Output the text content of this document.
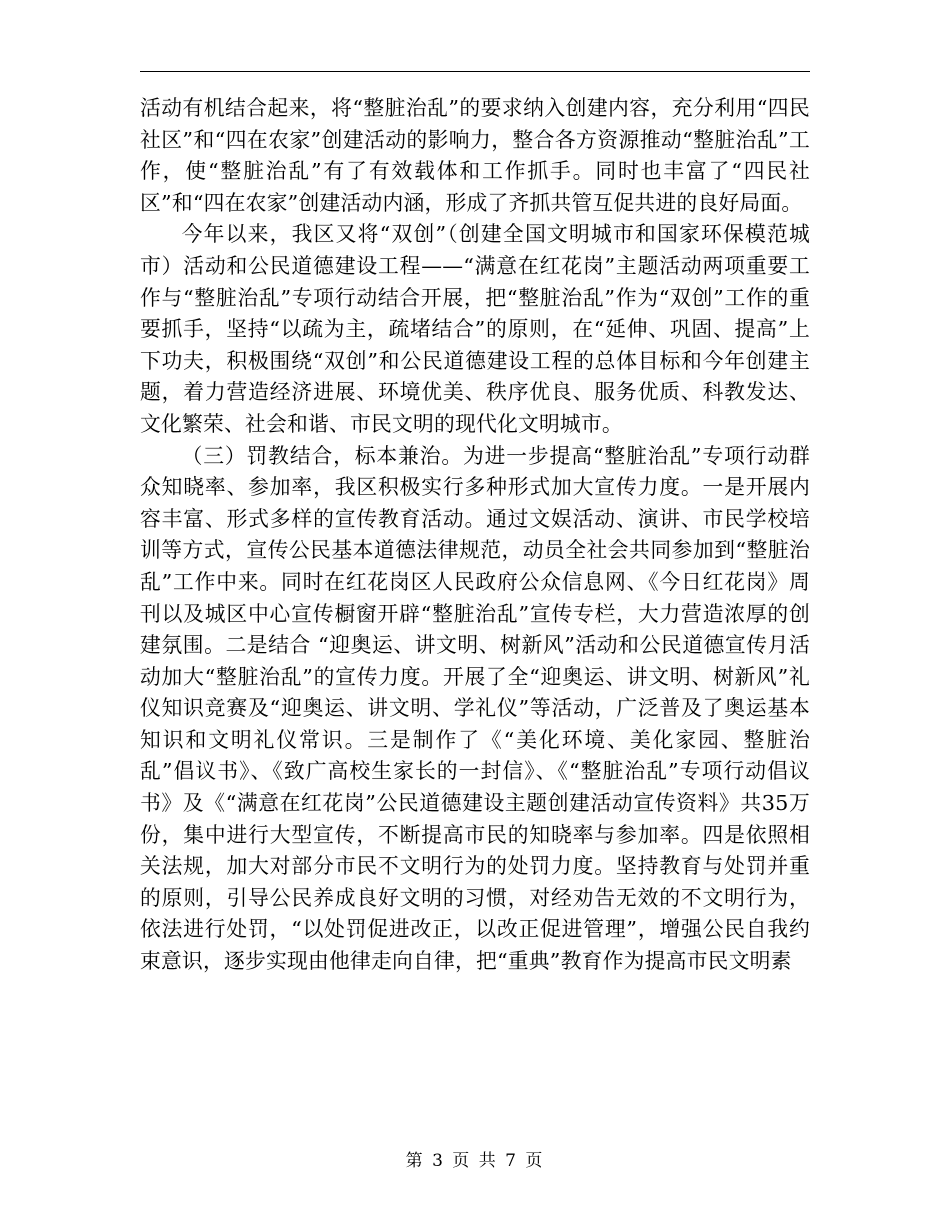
活动有机结合起来，将“整脏治乱”的要求纳入创建内容，充分利用“四民社区”和“四在农家”创建活动的影响力，整合各方资源推动“整脏治乱”工作，使“整脏治乱”有了有效载体和工作抓手。同时也丰富了“四民社区”和“四在农家”创建活动内涵，形成了齐抓共管互促共进的良好局面。

今年以来，我区又将“双创”（创建全国文明城市和国家环保模范城市）活动和公民道德建设工程——“满意在红花岗”主题活动两项重要工作与“整脏治乱”专项行动结合开展，把“整脏治乱”作为“双创”工作的重要抓手，坚持“以疏为主，疏堵结合”的原则，在“延伸、巩固、提高”上下功夫，积极围绕“双创”和公民道德建设工程的总体目标和今年创建主题，着力营造经济进展、环境优美、秩序优良、服务优质、科教发达、文化繁荣、社会和谐、市民文明的现代化文明城市。

（三）罚教结合，标本兼治。为进一步提高“整脏治乱”专项行动群众知晓率、参加率，我区积极实行多种形式加大宣传力度。一是开展内容丰富、形式多样的宣传教育活动。通过文娱活动、演讲、市民学校培训等方式，宣传公民基本道德法律规范，动员全社会共同参加到“整脏治乱”工作中来。同时在红花岗区人民政府公众信息网、《今日红花岗》周刊以及城区中心宣传橱窗开辟“整脏治乱”宣传专栏，大力营造浓厚的创建氛围。二是结合 “迎奥运、讲文明、树新风”活动和公民道德宣传月活动加大“整脏治乱”的宣传力度。开展了全“迎奥运、讲文明、树新风”礼仪知识竞赛及“迎奥运、讲文明、学礼仪”等活动，广泛普及了奥运基本知识和文明礼仪常识。三是制作了《“美化环境、美化家园、整脏治乱”倡议书》、《致广高校生家长的一封信》、《“整脏治乱”专项行动倡议书》及《“满意在红花岗”公民道德建设主题创建活动宣传资料》共35万份，集中进行大型宣传，不断提高市民的知晓率与参加率。四是依照相关法规，加大对部分市民不文明行为的处罚力度。坚持教育与处罚并重的原则，引导公民养成良好文明的习惯，对经劝告无效的不文明行为，依法进行处罚，“以处罚促进改正，以改正促进管理”，增强公民自我约束意识，逐步实现由他律走向自律，把“重典”教育作为提高市民文明素

第 3 页 共 7 页
